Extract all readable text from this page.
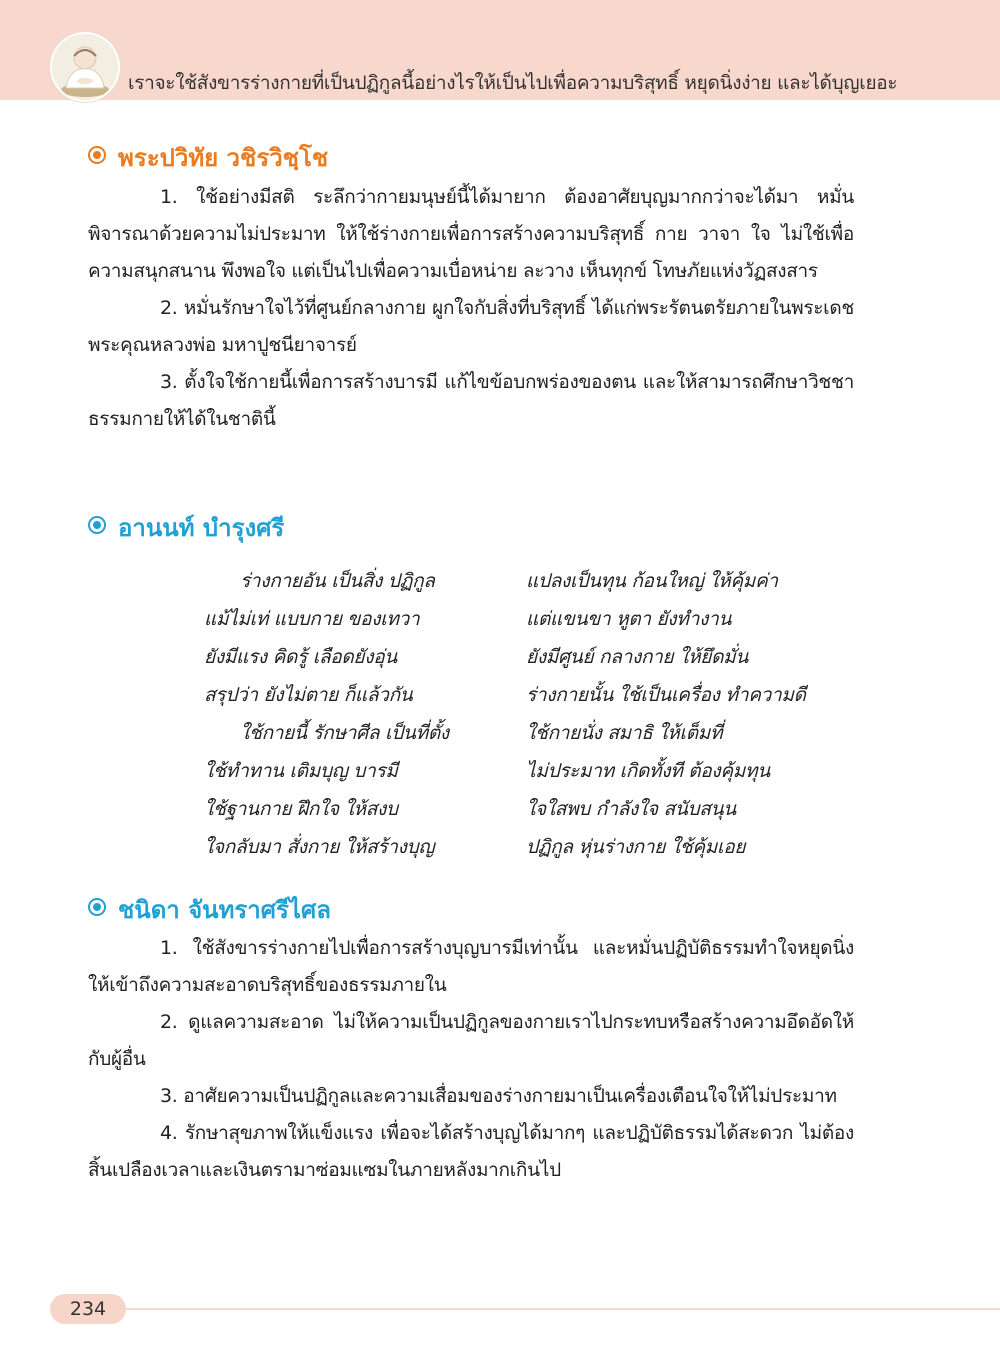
เราจะใช้สังขารร่างกายที่เป็นปฏิกูลนี้อย่างไรให้เป็นไปเพื่อความบริสุทธิ์ หยุดนิ่งง่าย และได้บุญเยอะ
พระปวิทัย วชิรวิชฺโช

1. ใช้อย่างมีสติ ระลึกว่ากายมนุษย์นี้ได้มายาก ต้องอาศัยบุญมากกว่าจะได้มา หมั่นพิจารณาด้วยความไม่ประมาท ให้ใช้ร่างกายเพื่อการสร้างความบริสุทธิ์ กาย วาจา ใจ ไม่ใช้เพื่อความสนุกสนาน พึงพอใจ แต่เป็นไปเพื่อความเบื่อหน่าย ละวาง เห็นทุกข์ โทษภัยแห่งวัฏสงสาร

2. หมั่นรักษาใจไว้ที่ศูนย์กลางกาย ผูกใจกับสิ่งที่บริสุทธิ์ ได้แก่พระรัตนตรัยภายในพระเดชพระคุณหลวงพ่อ มหาปูชนียาจารย์

3. ตั้งใจใช้กายนี้เพื่อการสร้างบารมี แก้ไขข้อบกพร่องของตน และให้สามารถศึกษาวิชชาธรรมกายให้ได้ในชาตินี้

อานนท์ บำรุงศรี
ร่างกายอัน เป็นสิ่ง ปฏิกูล	แปลงเป็นทุน ก้อนใหญ่ ให้คุ้มค่า
แม้ไม่เท่ แบบกาย ของเทวา	แต่แขนขา หูตา ยังทำงาน
ยังมีแรง คิดรู้ เลือดยังอุ่น	ยังมีศูนย์ กลางกาย ให้ยึดมั่น
สรุปว่า ยังไม่ตาย ก็แล้วกัน	ร่างกายนั้น ใช้เป็นเครื่อง ทำความดี
ใช้กายนี้ รักษาศีล เป็นที่ตั้ง	ใช้กายนั่ง สมาธิ ให้เต็มที่
ใช้ทำทาน เติมบุญ บารมี	ไม่ประมาท เกิดทั้งที ต้องคุ้มทุน
ใช้ฐานกาย ฝึกใจ ให้สงบ	ใจใสพบ กำลังใจ สนับสนุน
ใจกลับมา สั่งกาย ให้สร้างบุญ	ปฏิกูล หุ่นร่างกาย ใช้คุ้มเอย
ชนิดา จันทราศรีไศล

1. ใช้สังขารร่างกายไปเพื่อการสร้างบุญบารมีเท่านั้น และหมั่นปฏิบัติธรรมทำใจหยุดนิ่งให้เข้าถึงความสะอาดบริสุทธิ์ของธรรมภายใน

2. ดูแลความสะอาด ไม่ให้ความเป็นปฏิกูลของกายเราไปกระทบหรือสร้างความอึดอัดให้กับผู้อื่น

3. อาศัยความเป็นปฏิกูลและความเสื่อมของร่างกายมาเป็นเครื่องเตือนใจให้ไม่ประมาท

4. รักษาสุขภาพให้แข็งแรง เพื่อจะได้สร้างบุญได้มากๆ และปฏิบัติธรรมได้สะดวก ไม่ต้องสิ้นเปลืองเวลาและเงินตรามาซ่อมแซมในภายหลังมากเกินไป

234
